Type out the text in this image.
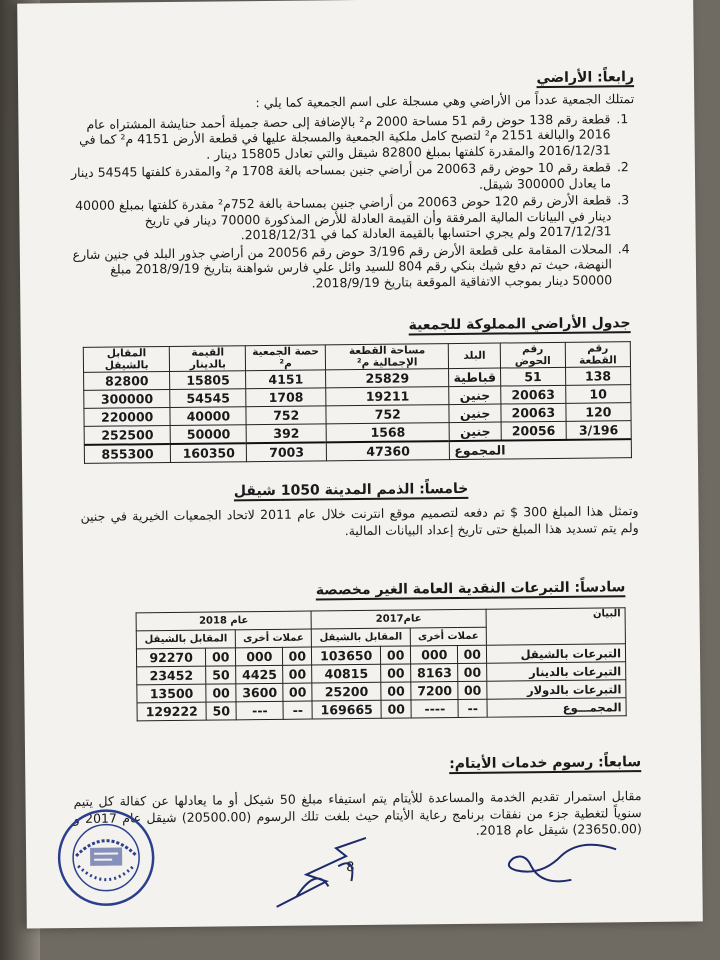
رابعاً: الأراضي

تمتلك الجمعية عدداً من الأراضي وهي مسجلة على اسم الجمعية كما يلي :

1. قطعة رقم 138 حوض رقم 51 مساحة 2000 م² بالإضافة إلى حصة جميلة أحمد حنايشة المشتراه عام 2016 والبالغة 2151 م² لتصبح كامل ملكية الجمعية والمسجلة عليها في قطعة الأرض 4151 م² كما في 2016/12/31 والمقدرة كلفتها بمبلغ 82800 شيقل والتي تعادل 15805 دينار .
2. قطعة رقم 10 حوض رقم 20063 من أراضي جنين بمساحه بالغة 1708 م² والمقدرة كلفتها 54545 دينار ما يعادل 300000 شيقل.
3. قطعة الأرض رقم 120 حوض 20063 من أراضي جنين بمساحة بالغة 752م² مقدرة كلفتها بمبلغ 40000 دينار في البيانات المالية المرفقة وأن القيمة العادلة للأرض المذكورة 70000 دينار في تاريخ 2017/12/31 ولم يجري احتسابها بالقيمة العادلة كما في 2018/12/31.
4. المحلات المقامة على قطعة الأرض رقم 3/196 حوض رقم 20056 من أراضي جذور البلد في جنين شارع النهضة، حيث تم دفع شيك بنكي رقم 804 للسيد وائل علي فارس شواهنة بتاريخ 2018/9/19 مبلغ 50000 دينار بموجب الاتفاقية الموقعة بتاريخ 2018/9/19.
جدول الأراضي المملوكة للجمعية
رقم القطعة	رقم الحوض	البلد	مساحة القطعة الإجمالية م²	حصة الجمعية م²	القيمة بالدينار	المقابل بالشيقل
138	51	قباطية	25829	4151	15805	82800
10	20063	جنين	19211	1708	54545	300000
120	20063	جنين	752	752	40000	220000
3/196	20056	جنين	1568	392	50000	252500
المجموع			47360	7003	160350	855300
خامساً: الذمم المدينة 1050 شيقل

وتمثل هذا المبلغ 300 $ تم دفعه لتصميم موقع انترنت خلال عام 2011 لاتحاد الجمعيات الخيرية في جنين ولم يتم تسديد هذا المبلغ حتى تاريخ إعداد البيانات المالية.

سادساً: التبرعات النقدية العامة الغير مخصصة
البيان	عام2017				عام 2018			
	عملات أخرى		المقابل بالشيقل		عملات أخرى		المقابل بالشيقل	
التبرعات بالشيقل	00	000	00	103650	00	000	00	92270
التبرعات بالدينار	00	8163	00	40815	00	4425	50	23452
التبرعات بالدولار	00	7200	00	25200	00	3600	00	13500
المجمـــوع	--	----	00	169665	--	---	50	129222
سابعاً: رسوم خدمات الأيتام:

مقابل استمرار تقديم الخدمة والمساعدة للأيتام يتم استيفاء مبلغ 50 شيكل أو ما يعادلها عن كفالة كل يتيم سنوياً لتغطية جزء من نفقات برنامج رعاية الأيتام حيث بلغت تلك الرسوم (20500.00) شيقل عام 2017 و (23650.00) شيقل عام 2018.

8
